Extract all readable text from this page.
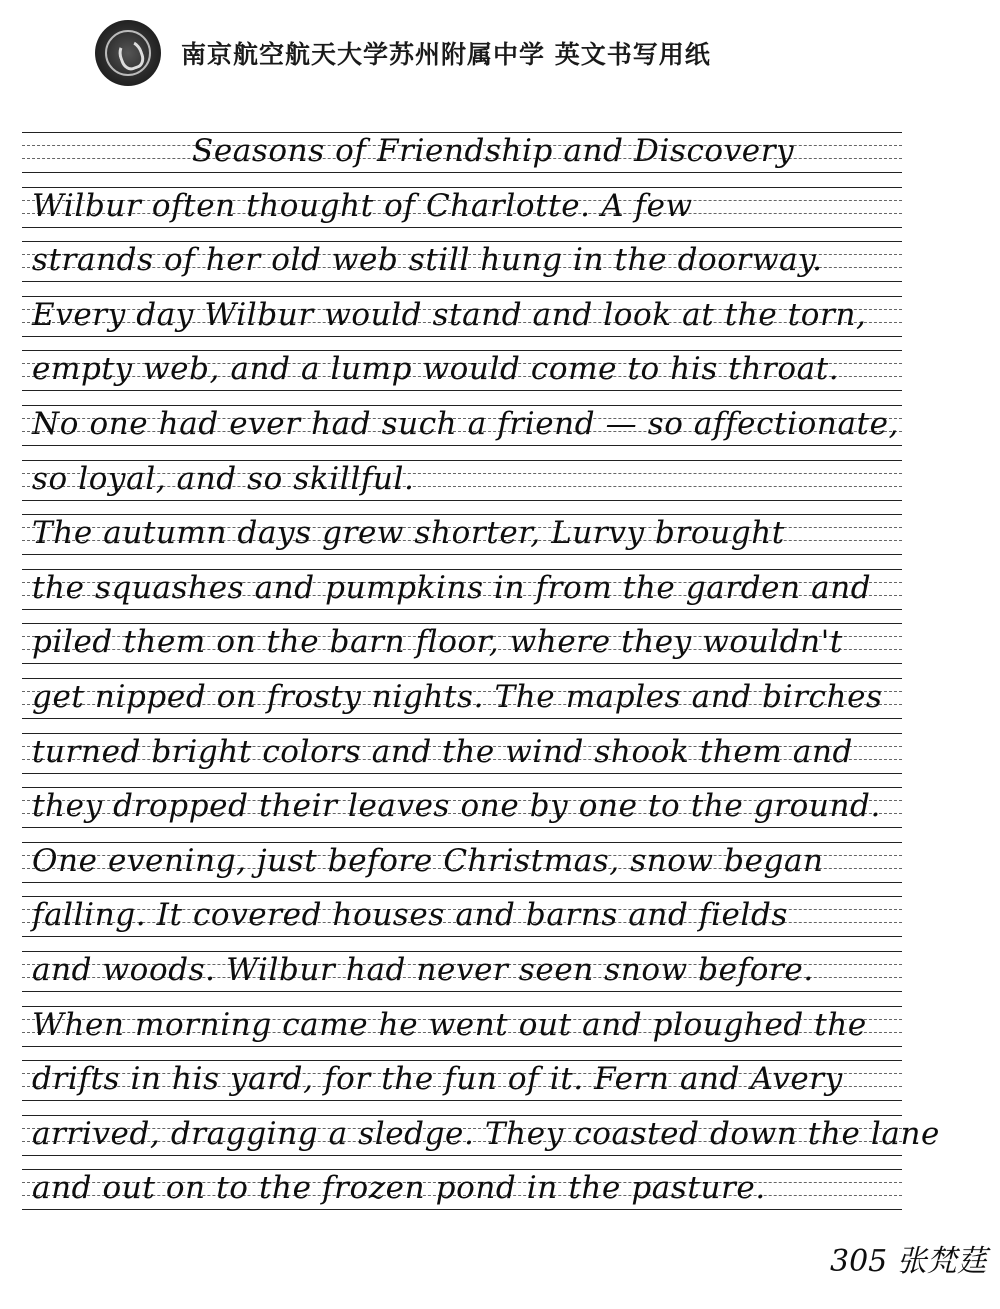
南京航空航天大学苏州附属中学 英文书写用纸
Seasons of Friendship and Discovery
Wilbur often thought of Charlotte. A few
strands of her old web still hung in the doorway.
Every day Wilbur would stand and look at the torn,
empty web, and a lump would come to his throat.
No one had ever had such a friend — so affectionate,
so loyal, and so skillful.
The autumn days grew shorter, Lurvy brought
the squashes and pumpkins in from the garden and
piled them on the barn floor, where they wouldn't
get nipped on frosty nights. The maples and birches
turned bright colors and the wind shook them and
they dropped their leaves one by one to the ground.
One evening, just before Christmas, snow began
falling. It covered houses and barns and fields
and woods. Wilbur had never seen snow before.
When morning came he went out and ploughed the
drifts in his yard, for the fun of it. Fern and Avery
arrived, dragging a sledge. They coasted down the lane
and out on to the frozen pond in the pasture.
305 张梵莛
